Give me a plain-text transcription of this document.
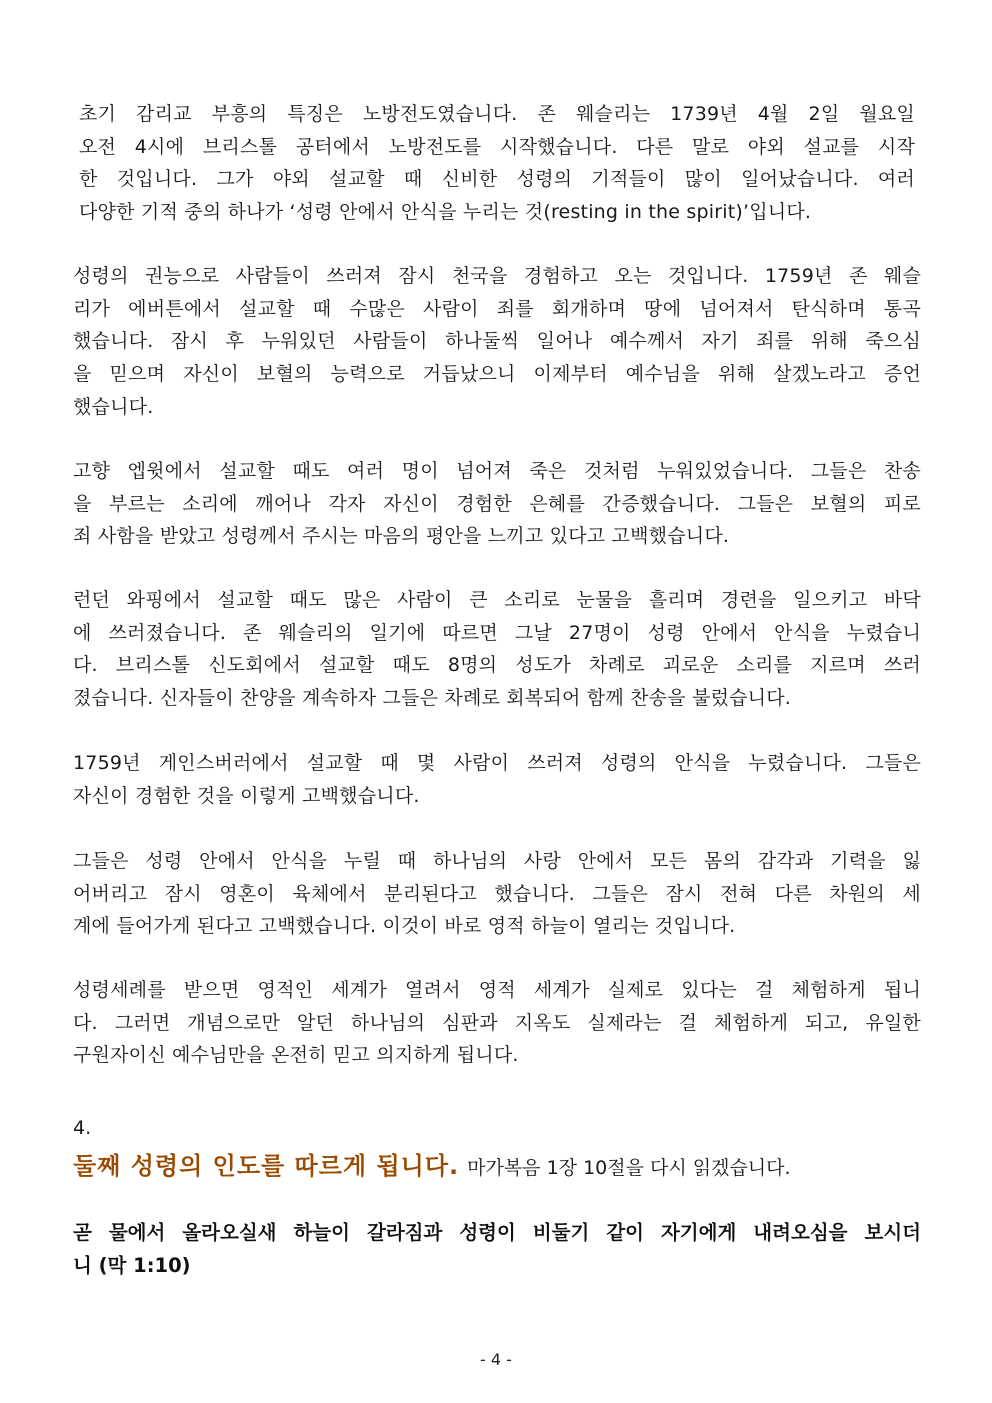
초기 감리교 부흥의 특징은 노방전도였습니다. 존 웨슬리는 1739년 4월 2일 월요일
오전 4시에 브리스톨 공터에서 노방전도를 시작했습니다. 다른 말로 야외 설교를 시작
한 것입니다. 그가 야외 설교할 때 신비한 성령의 기적들이 많이 일어났습니다. 여러
다양한 기적 중의 하나가 ‘성령 안에서 안식을 누리는 것(resting in the spirit)’입니다.
성령의 권능으로 사람들이 쓰러져 잠시 천국을 경험하고 오는 것입니다. 1759년 존 웨슬
리가 에버튼에서 설교할 때 수많은 사람이 죄를 회개하며 땅에 넘어져서 탄식하며 통곡
했습니다. 잠시 후 누워있던 사람들이 하나둘씩 일어나 예수께서 자기 죄를 위해 죽으심
을 믿으며 자신이 보혈의 능력으로 거듭났으니 이제부터 예수님을 위해 살겠노라고 증언
했습니다.
고향 엡윗에서 설교할 때도 여러 명이 넘어져 죽은 것처럼 누워있었습니다. 그들은 찬송
을 부르는 소리에 깨어나 각자 자신이 경험한 은혜를 간증했습니다. 그들은 보혈의 피로
죄 사함을 받았고 성령께서 주시는 마음의 평안을 느끼고 있다고 고백했습니다.
런던 와핑에서 설교할 때도 많은 사람이 큰 소리로 눈물을 흘리며 경련을 일으키고 바닥
에 쓰러졌습니다. 존 웨슬리의 일기에 따르면 그날 27명이 성령 안에서 안식을 누렸습니
다. 브리스톨 신도회에서 설교할 때도 8명의 성도가 차례로 괴로운 소리를 지르며 쓰러
졌습니다. 신자들이 찬양을 계속하자 그들은 차례로 회복되어 함께 찬송을 불렀습니다.
1759년 게인스버러에서 설교할 때 몇 사람이 쓰러져 성령의 안식을 누렸습니다. 그들은
자신이 경험한 것을 이렇게 고백했습니다.
그들은 성령 안에서 안식을 누릴 때 하나님의 사랑 안에서 모든 몸의 감각과 기력을 잃
어버리고 잠시 영혼이 육체에서 분리된다고 했습니다. 그들은 잠시 전혀 다른 차원의 세
계에 들어가게 된다고 고백했습니다. 이것이 바로 영적 하늘이 열리는 것입니다.
성령세례를 받으면 영적인 세계가 열려서 영적 세계가 실제로 있다는 걸 체험하게 됩니
다. 그러면 개념으로만 알던 하나님의 심판과 지옥도 실제라는 걸 체험하게 되고, 유일한
구원자이신 예수님만을 온전히 믿고 의지하게 됩니다.
4.
둘째 성령의 인도를 따르게 됩니다. 마가복음 1장 10절을 다시 읽겠습니다.
곧 물에서 올라오실새 하늘이 갈라짐과 성령이 비둘기 같이 자기에게 내려오심을 보시더
니 (막 1:10)
- 4 -
